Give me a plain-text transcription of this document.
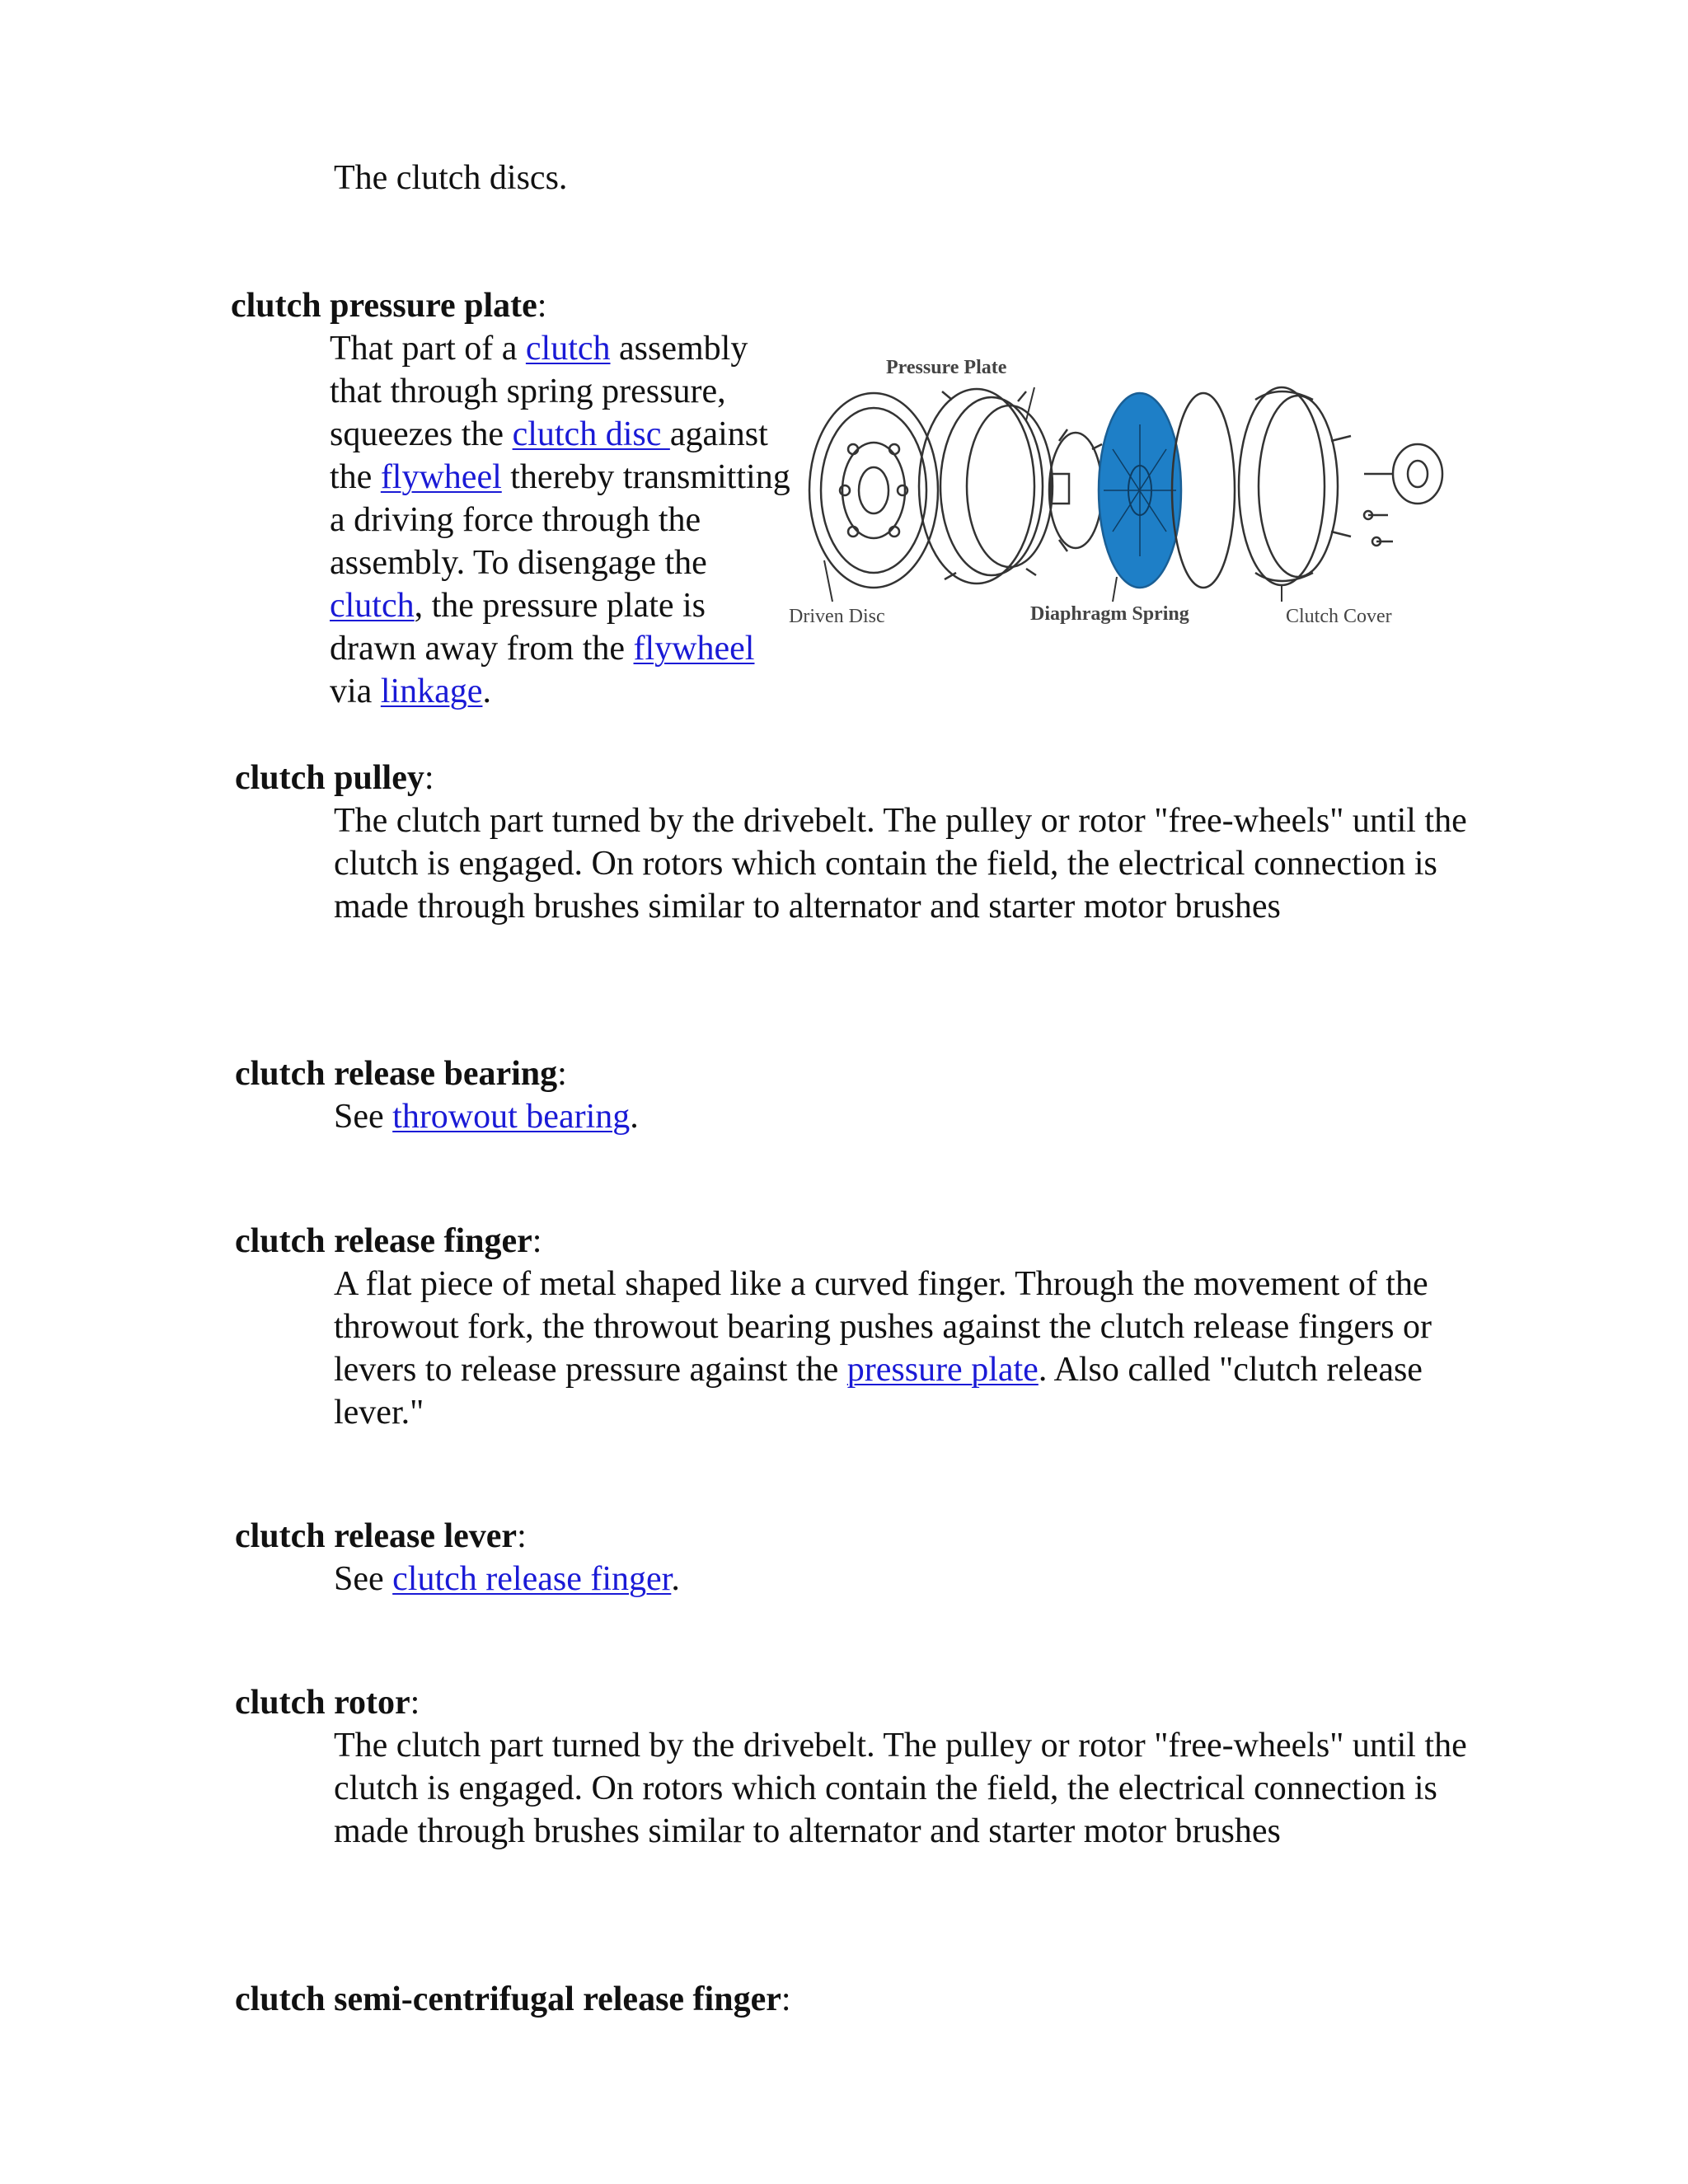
The clutch discs.
clutch pressure plate:
That part of a clutch assembly that through spring pressure, squeezes the clutch disc against the flywheel thereby transmitting a driving force through the assembly. To disengage the clutch, the pressure plate is drawn away from the flywheel via linkage.
Pressure Plate
Driven Disc	Diaphragm Spring	Clutch Cover
clutch pulley:
The clutch part turned by the drivebelt. The pulley or rotor "free-wheels" until the clutch is engaged. On rotors which contain the field, the electrical connection is made through brushes similar to alternator and starter motor brushes
clutch release bearing:
See throwout bearing.
clutch release finger:
A flat piece of metal shaped like a curved finger. Through the movement of the throwout fork, the throwout bearing pushes against the clutch release fingers or levers to release pressure against the pressure plate. Also called "clutch release lever."
clutch release lever:
See clutch release finger.
clutch rotor:
The clutch part turned by the drivebelt. The pulley or rotor "free-wheels" until the clutch is engaged. On rotors which contain the field, the electrical connection is made through brushes similar to alternator and starter motor brushes
clutch semi-centrifugal release finger:
